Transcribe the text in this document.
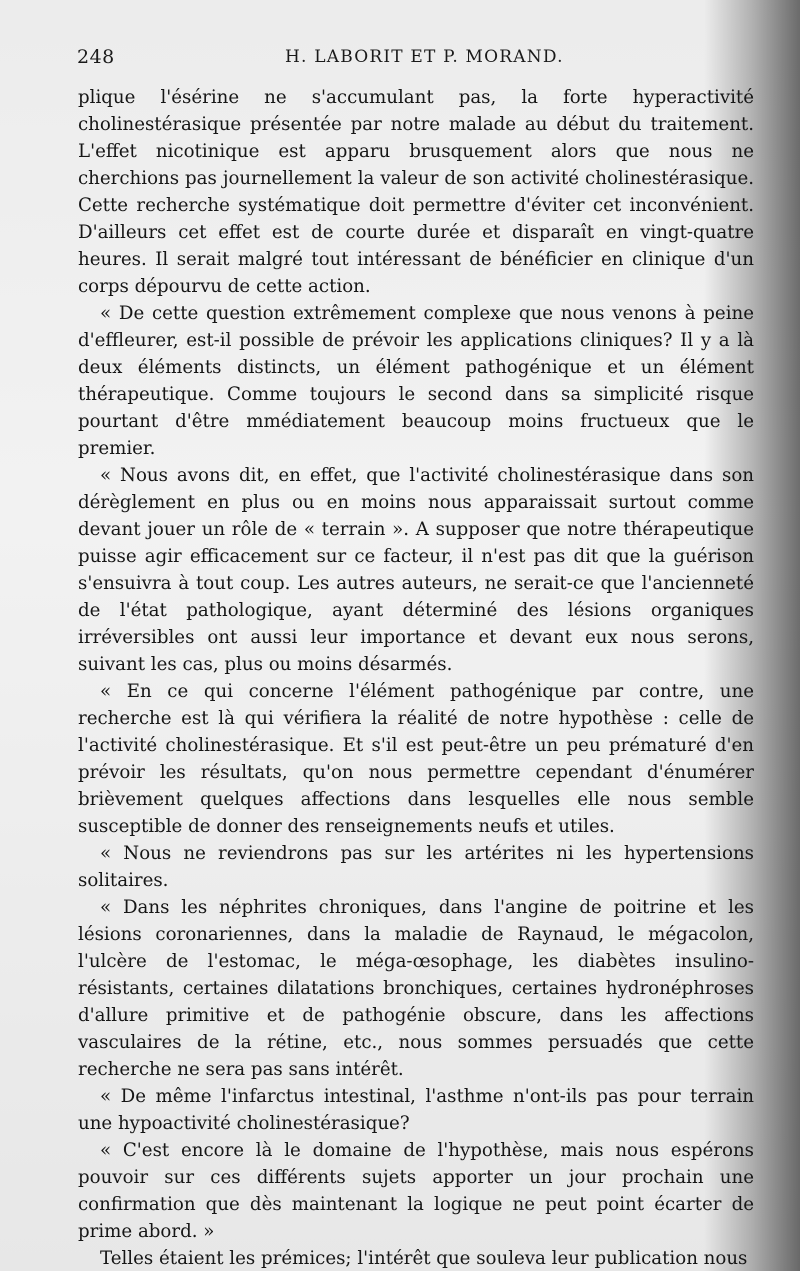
248	H. LABORIT ET P. MORAND.

plique l'ésérine ne s'accumulant pas, la forte hyperactivité cholinestérasique présentée par notre malade au début du traitement. L'effet nicotinique est apparu brusquement alors que nous ne cherchions pas journellement la valeur de son activité cholinestérasique. Cette recherche systématique doit permettre d'éviter cet inconvénient. D'ailleurs cet effet est de courte durée et disparaît en vingt-quatre heures. Il serait malgré tout intéressant de bénéficier en clinique d'un corps dépourvu de cette action.

« De cette question extrêmement complexe que nous venons à peine d'effleurer, est-il possible de prévoir les applications cliniques? Il y a là deux éléments distincts, un élément pathogénique et un élément thérapeutique. Comme toujours le second dans sa simplicité risque pourtant d'être mmédiatement beaucoup moins fructueux que le premier.

« Nous avons dit, en effet, que l'activité cholinestérasique dans son dérèglement en plus ou en moins nous apparaissait surtout comme devant jouer un rôle de « terrain ». A supposer que notre thérapeutique puisse agir efficacement sur ce facteur, il n'est pas dit que la guérison s'ensuivra à tout coup. Les autres auteurs, ne serait-ce que l'ancienneté de l'état pathologique, ayant déterminé des lésions organiques irréversibles ont aussi leur importance et devant eux nous serons, suivant les cas, plus ou moins désarmés.

« En ce qui concerne l'élément pathogénique par contre, une recherche est là qui vérifiera la réalité de notre hypothèse : celle de l'activité cholinestérasique. Et s'il est peut-être un peu prématuré d'en prévoir les résultats, qu'on nous permettre cependant d'énumérer brièvement quelques affections dans lesquelles elle nous semble susceptible de donner des renseignements neufs et utiles.

« Nous ne reviendrons pas sur les artérites ni les hypertensions solitaires.

« Dans les néphrites chroniques, dans l'angine de poitrine et les lésions coronariennes, dans la maladie de Raynaud, le mégacolon, l'ulcère de l'estomac, le méga-œsophage, les diabètes insulino-résistants, certaines dilatations bronchiques, certaines hydronéphroses d'allure primitive et de pathogénie obscure, dans les affections vasculaires de la rétine, etc., nous sommes persuadés que cette recherche ne sera pas sans intérêt.

« De même l'infarctus intestinal, l'asthme n'ont-ils pas pour terrain une hypoactivité cholinestérasique?

« C'est encore là le domaine de l'hypothèse, mais nous espérons pouvoir sur ces différents sujets apporter un jour prochain une confirmation que dès maintenant la logique ne peut point écarter de prime abord. »

Telles étaient les prémices; l'intérêt que souleva leur publication nous
